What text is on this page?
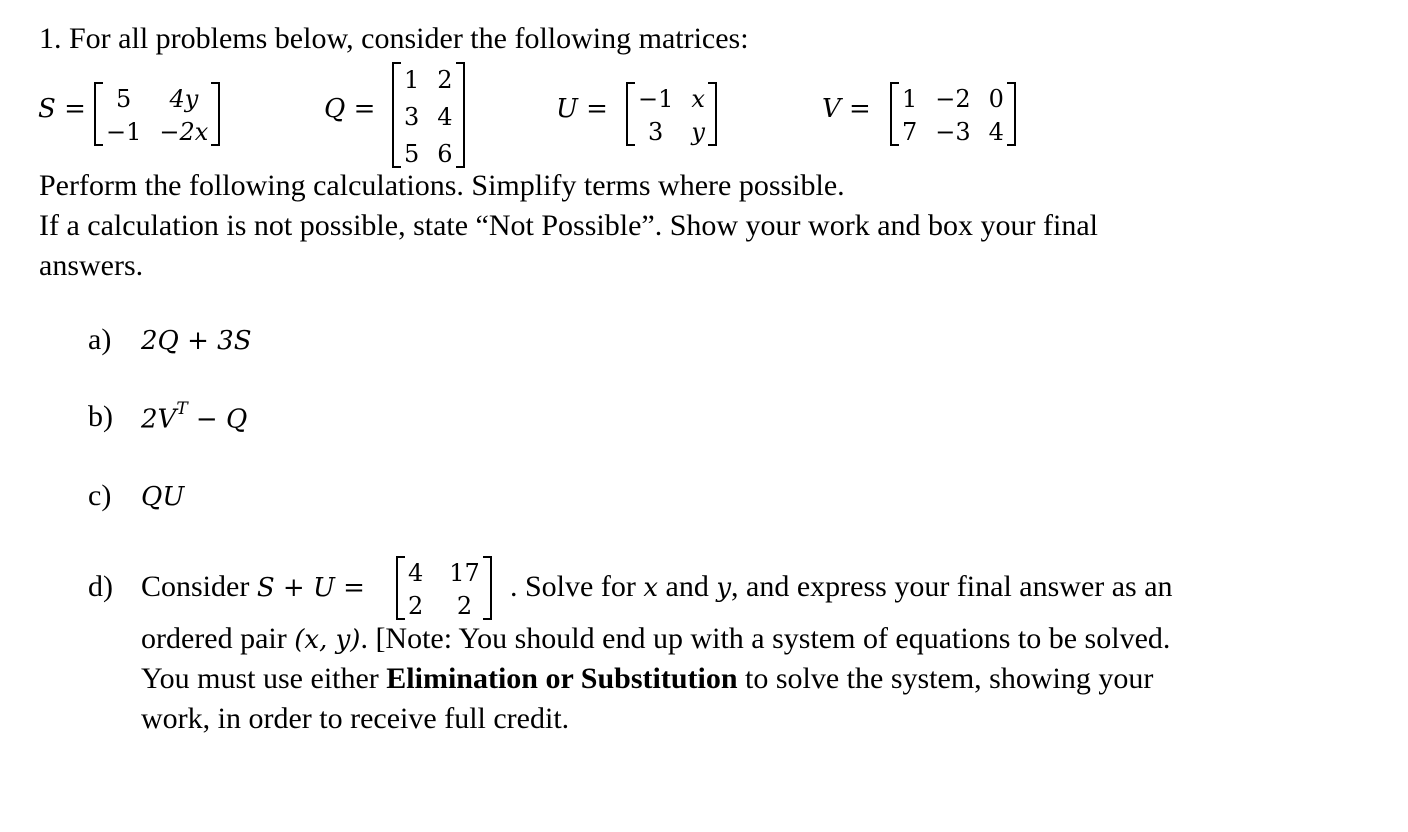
1. For all problems below, consider the following matrices:
S = 5 4y
−1 −2x
Q =
1 2
3 4
5 6
U = −1 x
3 y
V = 1 −2 0
7 −3 4
Perform the following calculations. Simplify terms where possible.
If a calculation is not possible, state “Not Possible”. Show your work and box your final
answers.
a) 2Q + 3S
b) $2V^T - Q$
c) QU
d) Consider S + U =
4 17
2 2
. Solve for x and y, and express your final answer as an
ordered pair (x, y). [Note: You should end up with a system of equations to be solved.
You must use either Elimination or Substitution to solve the system, showing your
work, in order to receive full credit.
